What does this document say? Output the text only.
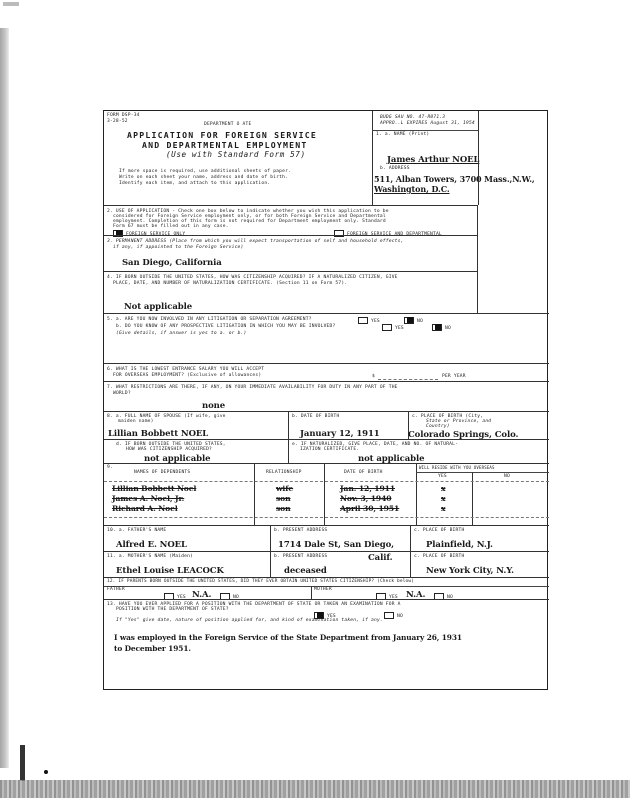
FORM DSP-34
3-28-52
DEPARTMENT O ATE
APPLICATION FOR FOREIGN SERVICE
AND DEPARTMENTAL EMPLOYMENT
(Use with Standard Form 57)
If more space is required, use additional sheets of paper.
Write on each sheet your name, address and date of birth.
Identify each item, and attach to this application.
BUDG SAU NO. 47-R071.3
APPRO..L EXPIRES August 31, 1954
1. a. NAME (Print)
James Arthur NOEL
b. ADDRESS
511, Alban Towers, 3700 Mass.,N.W.,
Washington, D.C.
2. USE OF APPLICATION - Check one box below to indicate whether you wish this application to be
considered for Foreign Service employment only, or for both Foreign Service and Departmental
employment. Completion of this form is not required for Department employment only. Standard
Form 67 must be filled out in any case.
FOREIGN SERVICE ONLY	FOREIGN SERVICE AND DEPARTMENTAL
3. PERMANENT ADDRESS (Place from which you will expect transportation of self and household effects,
if any, if appointed to the Foreign Service)
San Diego, California
4. IF BORN OUTSIDE THE UNITED STATES, HOW WAS CITIZENSHIP ACQUIRED? IF A NATURALIZED CITIZEN, GIVE
PLACE, DATE, AND NUMBER OF NATURALIZATION CERTIFICATE. (Section 11 on Form 57).
Not applicable
5. a. ARE YOU NOW INVOLVED IN ANY LITIGATION OR SEPARATION AGREEMENT?	YES	NO
b. DO YOU KNOW OF ANY PROSPECTIVE LITIGATION IN WHICH YOU MAY BE INVOLVED?	YES	NO
(Give details, if answer is yes to a. or b.)
6. WHAT IS THE LOWEST ENTRANCE SALARY YOU WILL ACCEPT
FOR OVERSEAS EMPLOYMENT? (Exclusive of allowances)	$	PER YEAR
7. WHAT RESTRICTIONS ARE THERE, IF ANY, ON YOUR IMMEDIATE AVAILABILITY FOR DUTY IN ANY PART OF THE
WORLD?
none
8. a. FULL NAME OF SPOUSE (If wife, give
maiden name)
Lillian Bobbett NOEL
b. DATE OF BIRTH
January 12, 1911
c. PLACE OF BIRTH (City,
State or Province, and
Country)
Colorado Springs, Colo.
d. IF BORN OUTSIDE THE UNITED STATES,
HOW WAS CITIZENSHIP ACQUIRED?
not applicable
e. IF NATURALIZED, GIVE PLACE, DATE, AND NO. OF NATURAL-
IZATION CERTIFICATE.
not applicable
9.
NAMES OF DEPENDENTS	RELATIONSHIP	DATE OF BIRTH
WILL RESIDE WITH YOU OVERSEAS
YES	NO
Lillian Bobbett Noel	wife	Jan. 12, 1911	x
James A. Noel, Jr.	son	Nov. 3, 1940	x
Richard A. Noel	son	April 30, 1951	x
10. a. FATHER'S NAME
Alfred E. NOEL
b. PRESENT ADDRESS
1714 Dale St, San Diego,
c. PLACE OF BIRTH
Plainfield, N.J.
11. a. MOTHER'S NAME (Maiden)
Ethel Louise LEACOCK
b. PRESENT ADDRESS	Calif.
deceased
c. PLACE OF BIRTH
New York City, N.Y.
12. IF PARENTS BORN OUTSIDE THE UNITED STATES, DID THEY EVER OBTAIN UNITED STATES CITIZENSHIP? (Check below)
FATHER
YES N.A.	NO
MOTHER
YES N.A.	NO
13. HAVE YOU EVER APPLIED FOR A POSITION WITH THE DEPARTMENT OF STATE OR TAKEN AN EXAMINATION FOR A
POSITION WITH THE DEPARTMENT OF STATE?
YES	NO
If "Yes" give date, nature of position applied for, and kind of examination taken, if any.
I was employed in the Foreign Service of the State Department from January 26, 1931
to December 1951.
